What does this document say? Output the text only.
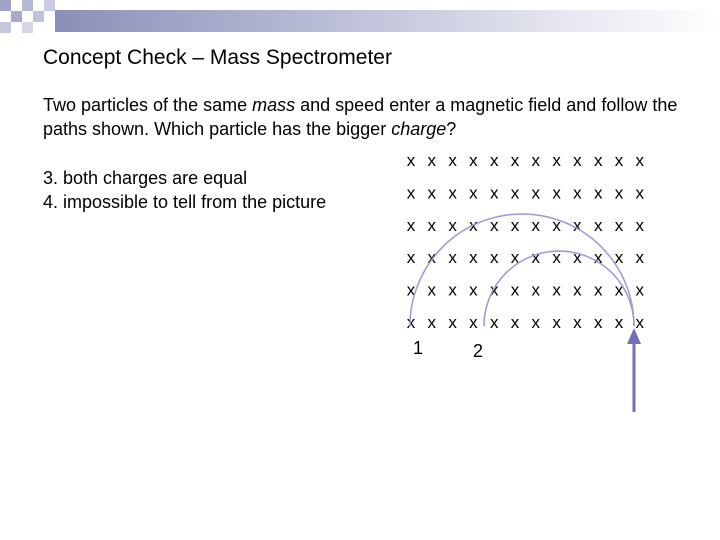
Concept Check – Mass Spectrometer
Two particles of the same mass and speed enter a magnetic field and follow the paths shown. Which particle has the bigger charge?
3. both charges are equal
4. impossible to tell from the picture
x x x x x x x x x x x x
x x x x x x x x x x x x
x x x x x x x x x x x x
x x x x x x x x x x x x
x x x x x x x x x x x x
x x x x x x x x x x x x
1	2
